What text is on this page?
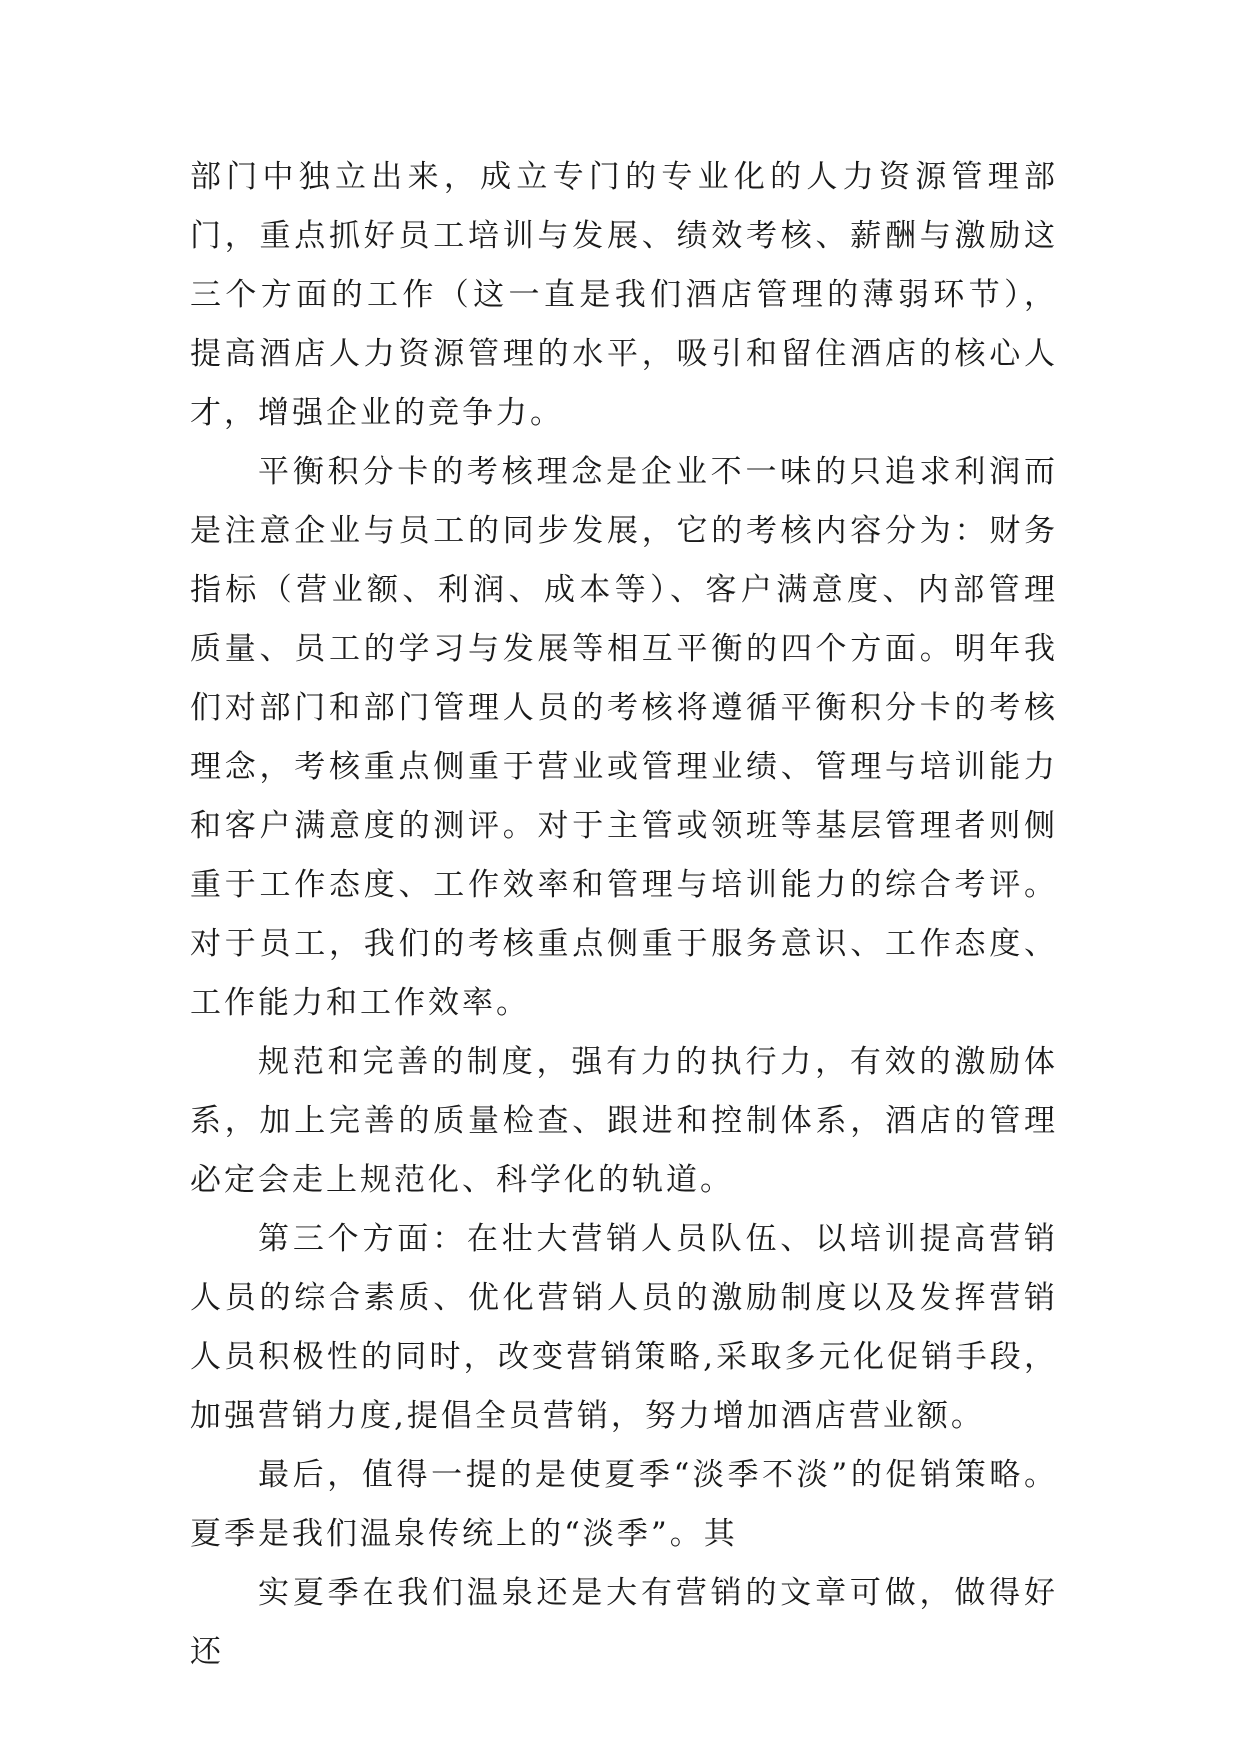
部门中独立出来，成立专门的专业化的人力资源管理部门，重点抓好员工培训与发展、绩效考核、薪酬与激励这三个方面的工作（这一直是我们酒店管理的薄弱环节），提高酒店人力资源管理的水平，吸引和留住酒店的核心人才，增强企业的竞争力。

平衡积分卡的考核理念是企业不一味的只追求利润而是注意企业与员工的同步发展，它的考核内容分为：财务指标（营业额、利润、成本等）、客户满意度、内部管理质量、员工的学习与发展等相互平衡的四个方面。明年我们对部门和部门管理人员的考核将遵循平衡积分卡的考核理念，考核重点侧重于营业或管理业绩、管理与培训能力和客户满意度的测评。对于主管或领班等基层管理者则侧重于工作态度、工作效率和管理与培训能力的综合考评。对于员工，我们的考核重点侧重于服务意识、工作态度、工作能力和工作效率。

规范和完善的制度，强有力的执行力，有效的激励体系，加上完善的质量检查、跟进和控制体系，酒店的管理必定会走上规范化、科学化的轨道。

第三个方面：在壮大营销人员队伍、以培训提高营销人员的综合素质、优化营销人员的激励制度以及发挥营销人员积极性的同时，改变营销策略,采取多元化促销手段，加强营销力度,提倡全员营销，努力增加酒店营业额。

最后，值得一提的是使夏季“淡季不淡”的促销策略。夏季是我们温泉传统上的“淡季”。其

实夏季在我们温泉还是大有营销的文章可做，做得好还
